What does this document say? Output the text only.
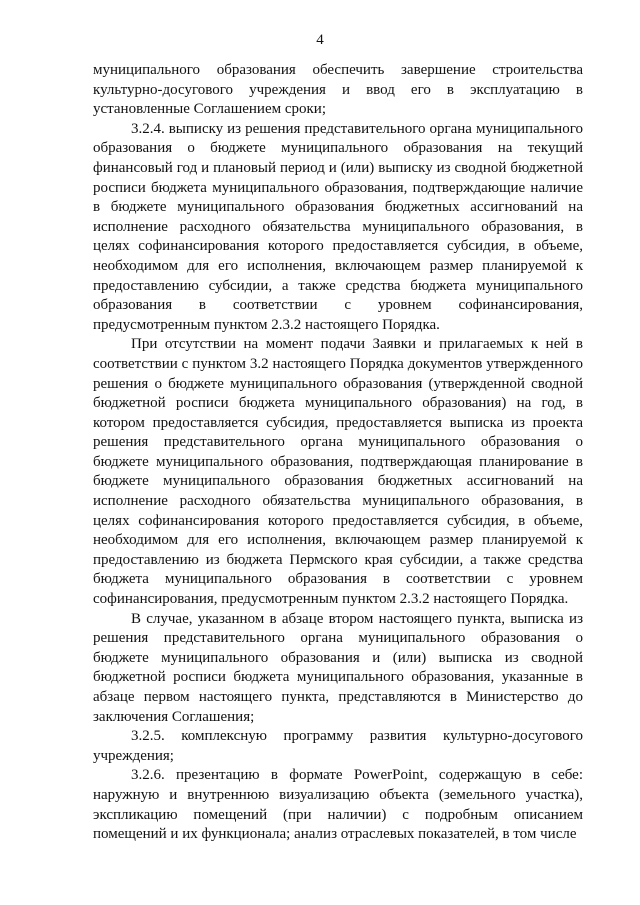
4

муниципального образования обеспечить завершение строительства культурно-досугового учреждения и ввод его в эксплуатацию в установленные Соглашением сроки;

3.2.4. выписку из решения представительного органа муниципального образования о бюджете муниципального образования на текущий финансовый год и плановый период и (или) выписку из сводной бюджетной росписи бюджета муниципального образования, подтверждающие наличие в бюджете муниципального образования бюджетных ассигнований на исполнение расходного обязательства муниципального образования, в целях софинансирования которого предоставляется субсидия, в объеме, необходимом для его исполнения, включающем размер планируемой к предоставлению субсидии, а также средства бюджета муниципального образования в соответствии с уровнем софинансирования, предусмотренным пунктом 2.3.2 настоящего Порядка.

При отсутствии на момент подачи Заявки и прилагаемых к ней в соответствии с пунктом 3.2 настоящего Порядка документов утвержденного решения о бюджете муниципального образования (утвержденной сводной бюджетной росписи бюджета муниципального образования) на год, в котором предоставляется субсидия, предоставляется выписка из проекта решения представительного органа муниципального образования о бюджете муниципального образования, подтверждающая планирование в бюджете муниципального образования бюджетных ассигнований на исполнение расходного обязательства муниципального образования, в целях софинансирования которого предоставляется субсидия, в объеме, необходимом для его исполнения, включающем размер планируемой к предоставлению из бюджета Пермского края субсидии, а также средства бюджета муниципального образования в соответствии с уровнем софинансирования, предусмотренным пунктом 2.3.2 настоящего Порядка.

В случае, указанном в абзаце втором настоящего пункта, выписка из решения представительного органа муниципального образования о бюджете муниципального образования и (или) выписка из сводной бюджетной росписи бюджета муниципального образования, указанные в абзаце первом настоящего пункта, представляются в Министерство до заключения Соглашения;

3.2.5. комплексную программу развития культурно-досугового учреждения;

3.2.6. презентацию в формате PowerPoint, содержащую в себе: наружную и внутреннюю визуализацию объекта (земельного участка), экспликацию помещений (при наличии) с подробным описанием помещений и их функционала; анализ отраслевых показателей, в том числе
